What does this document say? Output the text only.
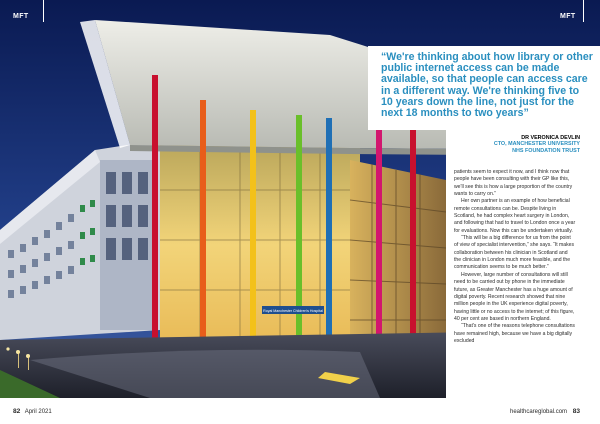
Royal Manchester Children's Hospital
MFT	MFT

“We're thinking about how library or other public internet access can be made available, so that people can access care in a different way. We're thinking five to 10 years down the line, not just for the next 18 months to two years”

DR VERONICA DEVLIN
CTO, MANCHESTER UNIVERSITY
NHS FOUNDATION TRUST

patients seem to expect it now, and I think now that people have been consulting with their GP like this, we'll see this is how a large proportion of the country wants to carry on.”

Her own partner is an example of how beneficial remote consultations can be. Despite living in Scotland, he had complex heart surgery in London, and following that had to travel to London once a year for evaluations. Now this can be undertaken virtually.

“This will be a big difference for us from the point of view of specialist intervention,” she says. “It makes collaboration between his clinician in Scotland and the clinician in London much more feasible, and the communication seems to be much better.”

However, large number of consultations will still need to be carried out by phone in the immediate future, as Greater Manchester has a huge amount of digital poverty. Recent research showed that nine million people in the UK experience digital poverty, having little or no access to the internet; of this figure, 40 per cent are based in northern England.

“That's one of the reasons telephone consultations have remained high, because we have a big digitally excluded

82 April 2021	healthcareglobal.com 83
